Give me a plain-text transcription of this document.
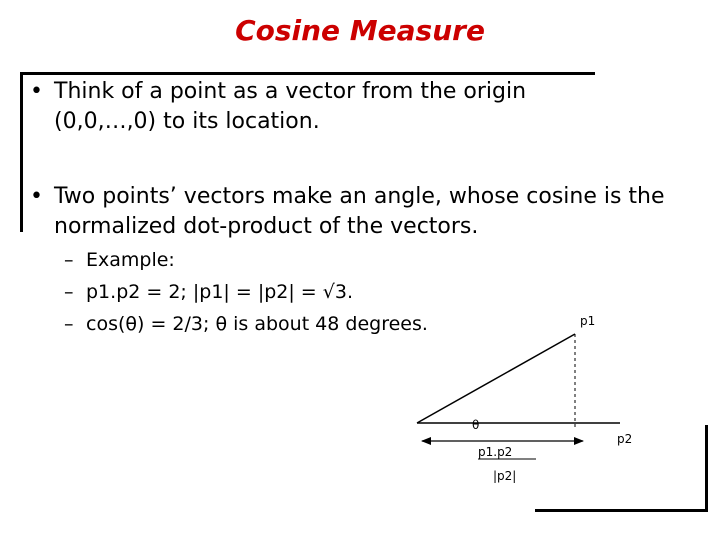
Cosine Measure
• Think of a point as a vector from the origin (0,0,…,0) to its location.
• Two points’ vectors make an angle, whose cosine is the normalized dot-product of the vectors.
– Example:
– p1.p2 = 2; |p1| = |p2| = √3.
– cos(θ) = 2/3; θ is about 48 degrees.	p1
p2
θ
p1.p2
|p2|
